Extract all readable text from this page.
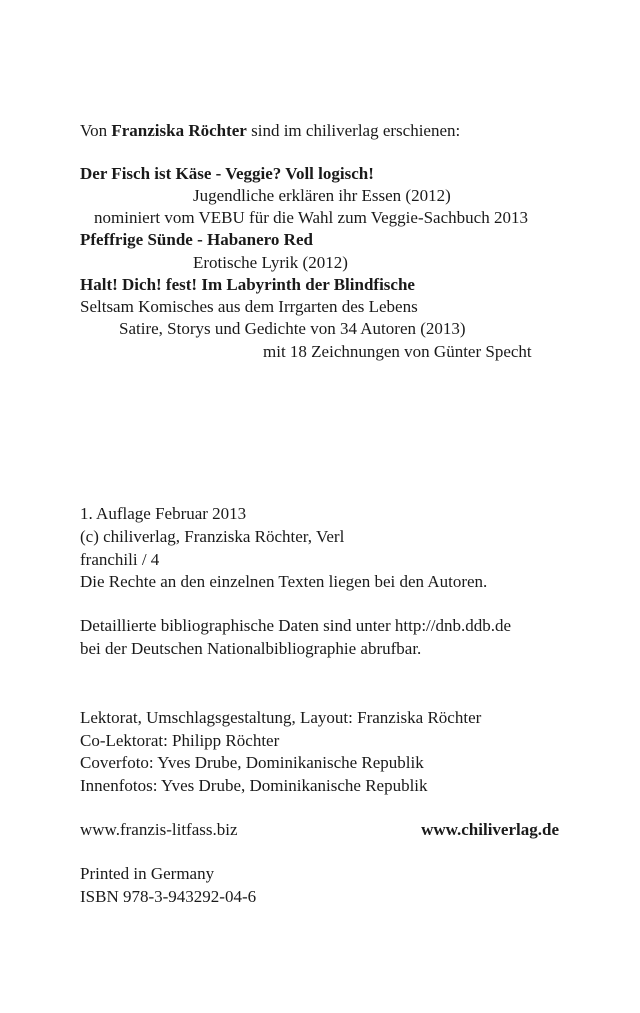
Von Franziska Röchter sind im chiliverlag erschienen:
Der Fisch ist Käse - Veggie? Voll logisch!
Jugendliche erklären ihr Essen (2012)
nominiert vom VEBU für die Wahl zum Veggie-Sachbuch 2013
Pfeffrige Sünde - Habanero Red
Erotische Lyrik (2012)
Halt! Dich! fest! Im Labyrinth der Blindfische
Seltsam Komisches aus dem Irrgarten des Lebens
Satire, Storys und Gedichte von 34 Autoren (2013)
mit 18 Zeichnungen von Günter Specht
1. Auflage Februar 2013
(c) chiliverlag, Franziska Röchter, Verl
franchili / 4
Die Rechte an den einzelnen Texten liegen bei den Autoren.
Detaillierte bibliographische Daten sind unter http://dnb.ddb.de
bei der Deutschen Nationalbibliographie abrufbar.
Lektorat, Umschlagsgestaltung, Layout: Franziska Röchter
Co-Lektorat: Philipp Röchter
Coverfoto: Yves Drube, Dominikanische Republik
Innenfotos: Yves Drube, Dominikanische Republik
www.franzis-litfass.biz	www.chiliverlag.de
Printed in Germany
ISBN 978-3-943292-04-6
